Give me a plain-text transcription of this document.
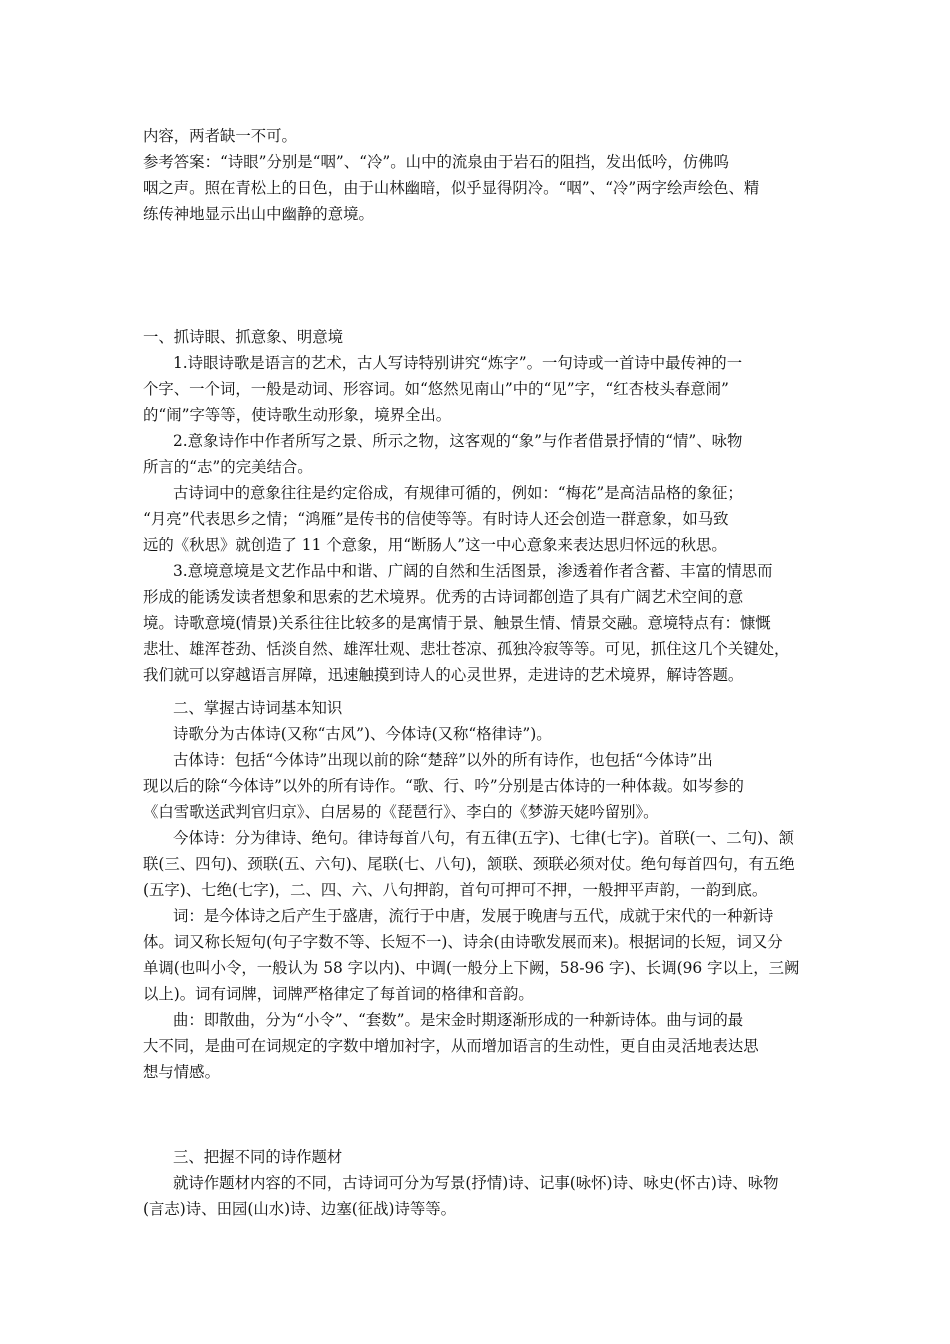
内容，两者缺一不可。
参考答案：“诗眼”分别是“咽”、“冷”。山中的流泉由于岩石的阻挡，发出低吟，仿佛呜
咽之声。照在青松上的日色，由于山林幽暗，似乎显得阴冷。“咽”、“冷”两字绘声绘色、精
练传神地显示出山中幽静的意境。
一、抓诗眼、抓意象、明意境
1.诗眼诗歌是语言的艺术，古人写诗特别讲究“炼字”。一句诗或一首诗中最传神的一
个字、一个词，一般是动词、形容词。如“悠然见南山”中的“见”字，“红杏枝头春意闹”
的“闹”字等等，使诗歌生动形象，境界全出。
2.意象诗作中作者所写之景、所示之物，这客观的“象”与作者借景抒情的“情”、咏物
所言的“志”的完美结合。
古诗词中的意象往往是约定俗成，有规律可循的，例如：“梅花”是高洁品格的象征；
“月亮”代表思乡之情；“鸿雁”是传书的信使等等。有时诗人还会创造一群意象，如马致
远的《秋思》就创造了 11 个意象，用“断肠人”这一中心意象来表达思归怀远的秋思。
3.意境意境是文艺作品中和谐、广阔的自然和生活图景，渗透着作者含蓄、丰富的情思而
形成的能诱发读者想象和思索的艺术境界。优秀的古诗词都创造了具有广阔艺术空间的意
境。诗歌意境(情景)关系往往比较多的是寓情于景、触景生情、情景交融。意境特点有：慷慨
悲壮、雄浑苍劲、恬淡自然、雄浑壮观、悲壮苍凉、孤独冷寂等等。可见，抓住这几个关键处，
我们就可以穿越语言屏障，迅速触摸到诗人的心灵世界，走进诗的艺术境界，解诗答题。
二、掌握古诗词基本知识
诗歌分为古体诗(又称“古风”)、今体诗(又称“格律诗”)。
古体诗：包括“今体诗”出现以前的除“楚辞”以外的所有诗作，也包括“今体诗”出
现以后的除“今体诗”以外的所有诗作。“歌、行、吟”分别是古体诗的一种体裁。如岑参的
《白雪歌送武判官归京》、白居易的《琵琶行》、李白的《梦游天姥吟留别》。
今体诗：分为律诗、绝句。律诗每首八句，有五律(五字)、七律(七字)。首联(一、二句)、颔
联(三、四句)、颈联(五、六句)、尾联(七、八句)，颔联、颈联必须对仗。绝句每首四句，有五绝
(五字)、七绝(七字)，二、四、六、八句押韵，首句可押可不押，一般押平声韵，一韵到底。
词：是今体诗之后产生于盛唐，流行于中唐，发展于晚唐与五代，成就于宋代的一种新诗
体。词又称长短句(句子字数不等、长短不一)、诗余(由诗歌发展而来)。根据词的长短，词又分
单调(也叫小令，一般认为 58 字以内)、中调(一般分上下阙，58-96 字)、长调(96 字以上，三阙
以上)。词有词牌，词牌严格律定了每首词的格律和音韵。
曲：即散曲，分为“小令”、“套数”。是宋金时期逐渐形成的一种新诗体。曲与词的最
大不同，是曲可在词规定的字数中增加衬字，从而增加语言的生动性，更自由灵活地表达思
想与情感。
三、把握不同的诗作题材
就诗作题材内容的不同，古诗词可分为写景(抒情)诗、记事(咏怀)诗、咏史(怀古)诗、咏物
(言志)诗、田园(山水)诗、边塞(征战)诗等等。
